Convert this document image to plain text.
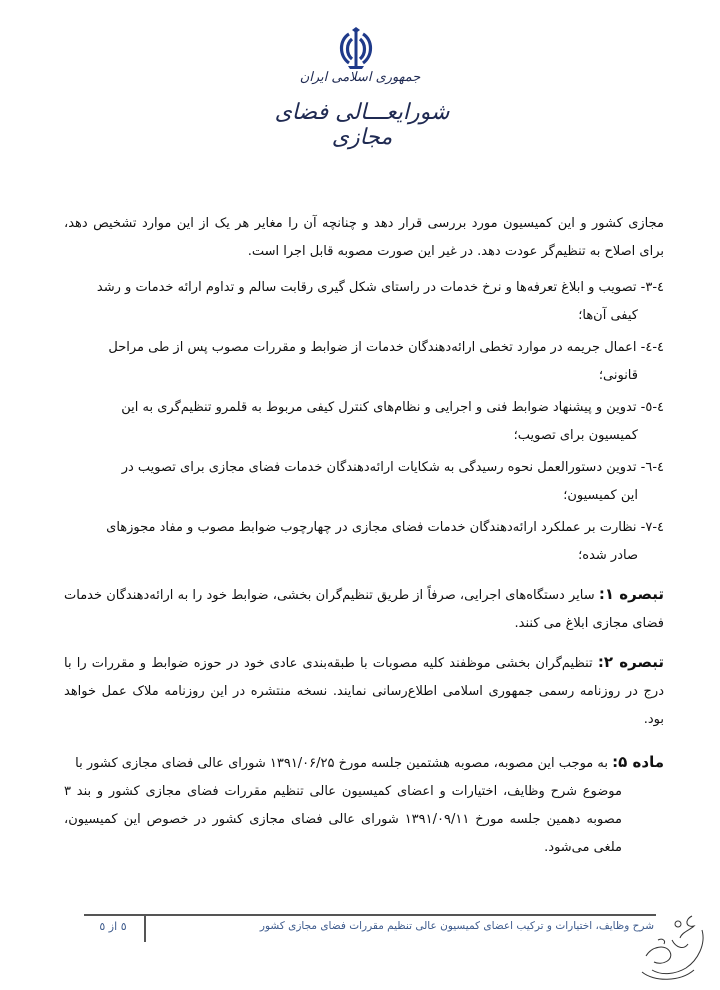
جمهوری اسلامی ایران
شورایعـــالی فضای مجازی

مجازی کشور و این کمیسیون مورد بررسی قرار دهد و چنانچه آن را مغایر هر یک از این موارد تشخیص دهد، برای اصلاح به تنظیم‌گر عودت دهد. در غیر این صورت مصوبه قابل اجرا است.

٤-٣- تصویب و ابلاغ تعرفه‌ها و نرخ خدمات در راستای شکل گیری رقابت سالم و تداوم ارائه خدمات و رشد
کیفی آن‌ها؛
٤-٤- اعمال جریمه در موارد تخطی ارائه‌دهندگان خدمات از ضوابط و مقررات مصوب پس از طی مراحل
قانونی؛
٤-٥- تدوین و پیشنهاد ضوابط فنی و اجرایی و نظام‌های کنترل کیفی مربوط به قلمرو تنظیم‌گری به این
کمیسیون برای تصویب؛
٤-٦- تدوین دستورالعمل نحوه رسیدگی به شکایات ارائه‌دهندگان خدمات فضای مجازی برای تصویب در
این کمیسیون؛
٤-٧- نظارت بر عملکرد ارائه‌دهندگان خدمات فضای مجازی در چهارچوب ضوابط مصوب و مفاد مجوزهای
صادر شده؛

تبصره ۱: سایر دستگاه‌های اجرایی، صرفاً از طریق تنظیم‌گران بخشی، ضوابط خود را به ارائه‌دهندگان خدمات فضای مجازی ابلاغ می کنند.

تبصره ۲: تنظیم‌گران بخشی موظفند کلیه مصوبات با طبقه‌بندی عادی خود در حوزه ضوابط و مقررات را با درج در روزنامه رسمی جمهوری اسلامی اطلاع‌رسانی نمایند. نسخه منتشره در این روزنامه ملاک عمل خواهد بود.

ماده ۵: به موجب این مصوبه، مصوبه هشتمین جلسه مورخ ۱۳۹۱/۰۶/۲۵ شورای عالی فضای مجازی کشور با
موضوع شرح وظایف، اختیارات و اعضای کمیسیون عالی تنظیم مقررات فضای مجازی کشور و بند ۳ مصوبه دهمین جلسه مورخ ۱۳۹۱/۰۹/۱۱ شورای عالی فضای مجازی کشور در خصوص این کمیسیون، ملغی می‌شود.
٥ از ٥	شرح وظایف، اختیارات و ترکیب اعضای کمیسیون عالی تنظیم مقررات فضای مجازی کشور
